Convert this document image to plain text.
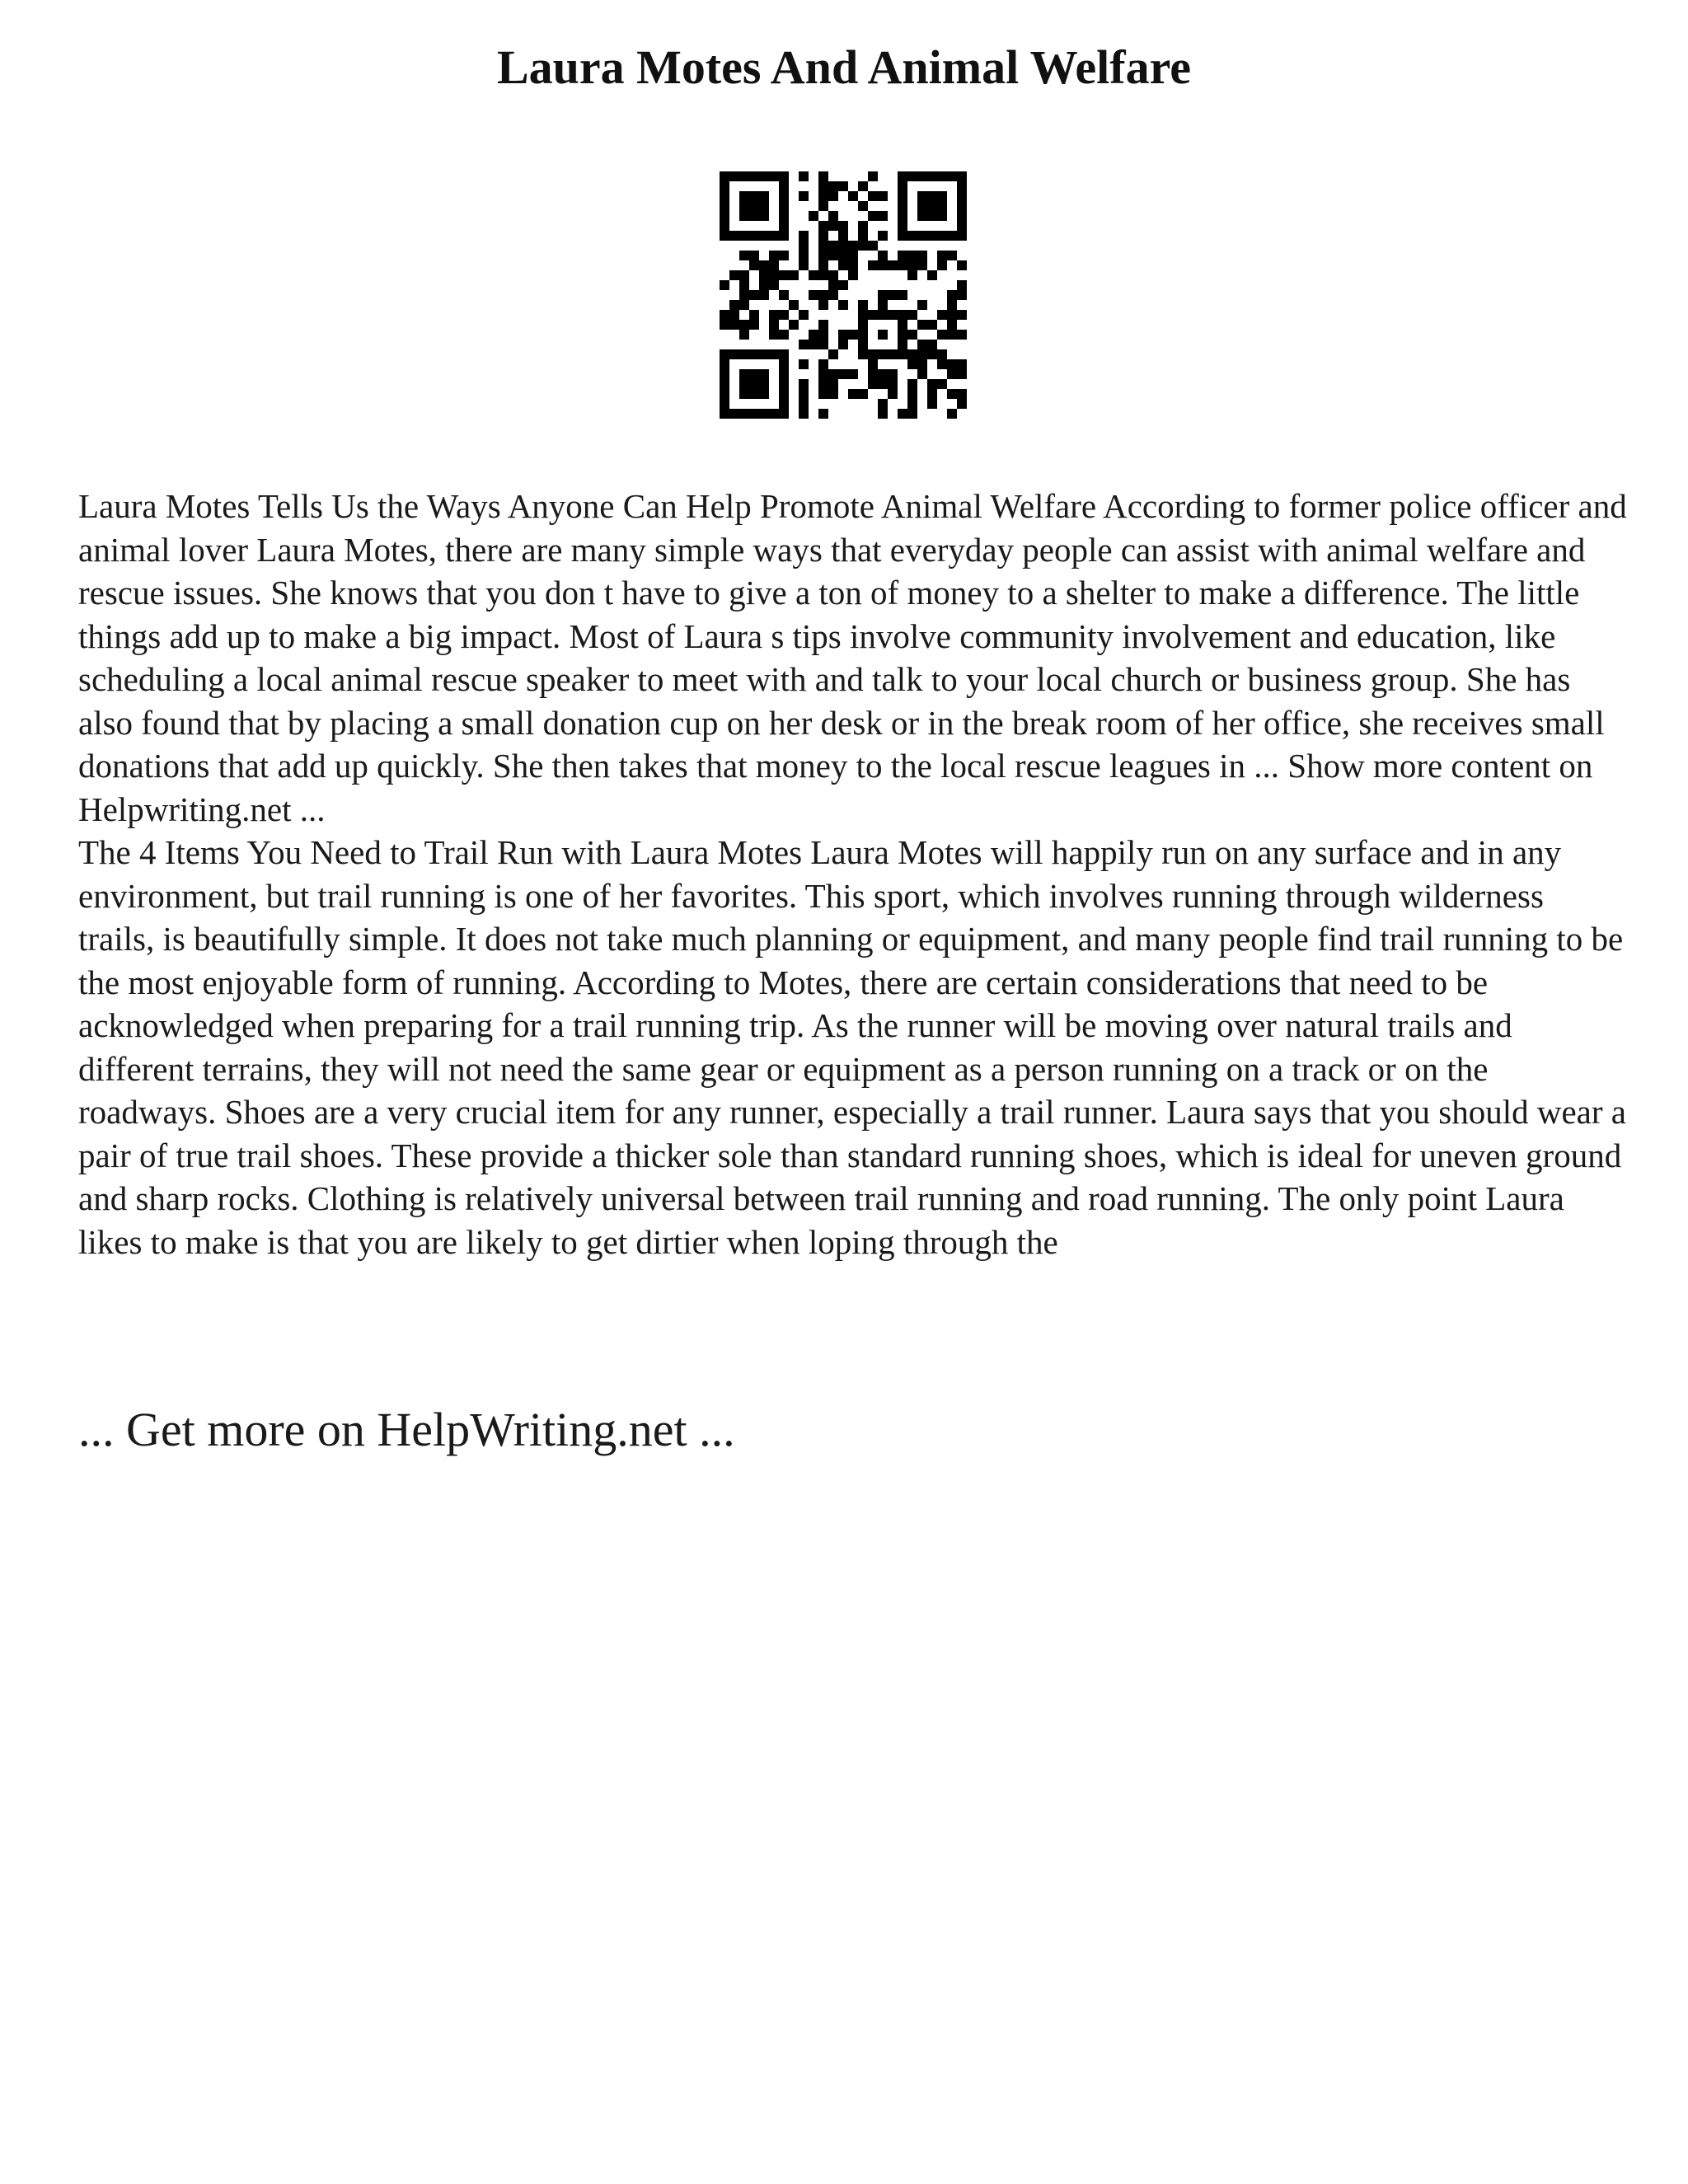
Laura Motes And Animal Welfare

Laura Motes Tells Us the Ways Anyone Can Help Promote Animal Welfare According to former police officer and animal lover Laura Motes, there are many simple ways that everyday people can assist with animal welfare and rescue issues. She knows that you don t have to give a ton of money to a shelter to make a difference. The little things add up to make a big impact. Most of Laura s tips involve community involvement and education, like scheduling a local animal rescue speaker to meet with and talk to your local church or business group. She has also found that by placing a small donation cup on her desk or in the break room of her office, she receives small donations that add up quickly. She then takes that money to the local rescue leagues in ... Show more content on Helpwriting.net ...

The 4 Items You Need to Trail Run with Laura Motes Laura Motes will happily run on any surface and in any environment, but trail running is one of her favorites. This sport, which involves running through wilderness trails, is beautifully simple. It does not take much planning or equipment, and many people find trail running to be the most enjoyable form of running. According to Motes, there are certain considerations that need to be acknowledged when preparing for a trail running trip. As the runner will be moving over natural trails and different terrains, they will not need the same gear or equipment as a person running on a track or on the roadways. Shoes are a very crucial item for any runner, especially a trail runner. Laura says that you should wear a pair of true trail shoes. These provide a thicker sole than standard running shoes, which is ideal for uneven ground and sharp rocks. Clothing is relatively universal between trail running and road running. The only point Laura likes to make is that you are likely to get dirtier when loping through the

... Get more on HelpWriting.net ...
